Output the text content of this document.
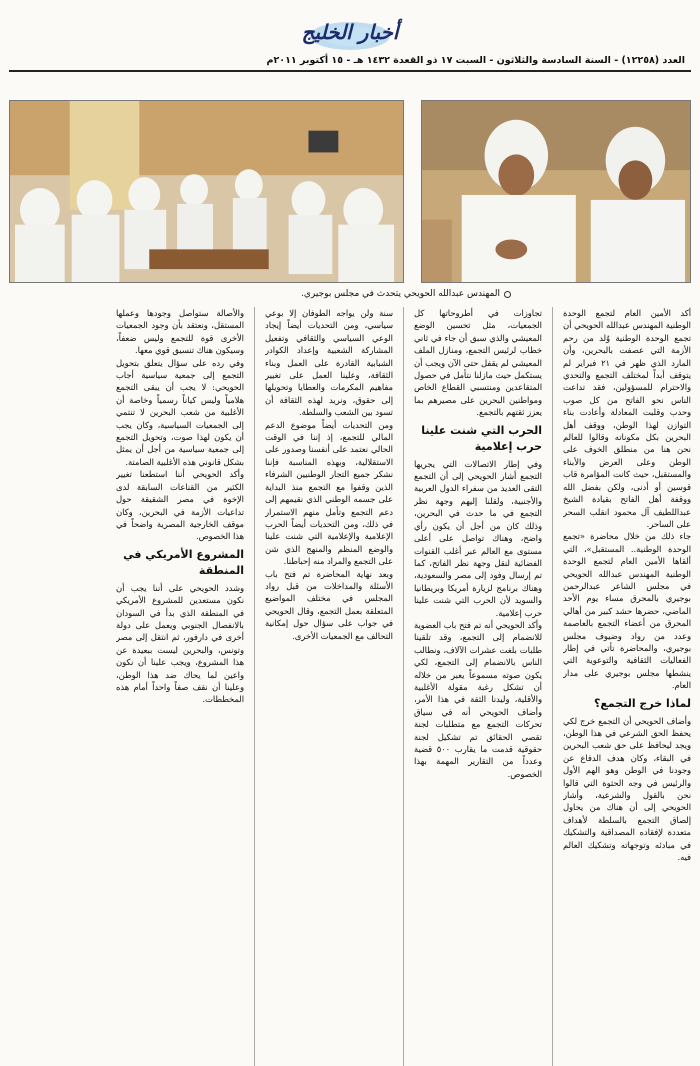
أخبار الخليج
العدد (١٢٢٥٨) - السنة السادسة والثلاثون - السبت ١٧ ذو القعدة ١٤٣٢ هـ - ١٥ أكتوبر ٢٠١١م
المهندس عبدالله الحويحي يتحدث في مجلس بوجيري.

أكد الأمين العام لتجمع الوحدة الوطنية المهندس عبدالله الحويحي أن تجمع الوحدة الوطنية وُلد من رحم الأزمة التي عصفت بالبحرين، وأن المارد الذي ظهر في ٢١ فبراير لم يتوقف أبداً لمختلف التجمع والتحدي والاحترام للمسؤولين، فقد تداعت الناس نحو الفاتح من كل صوب وحدب وقلبت المعادلة وأعادت بناء التوازن لهذا الوطن، ووقف أهل البحرين بكل مكوناته وقالوا للعالم نحن هنا من منطلق الخوف على الوطن وعلى العرض والأبناء والمستقبل، حيث كانت المؤامرة قاب قوسين أو أدنى، ولكن بفضل الله ووقفة أهل الفاتح بقيادة الشيخ عبداللطيف آل محمود انقلب السحر على الساحر.

جاء ذلك من خلال محاضرة «تجمع الوحدة الوطنية.. المستقبل»، التي ألقاها الأمين العام لتجمع الوحدة الوطنية المهندس عبدالله الحويحي في مجلس الشاعر عبدالرحمن بوجيري بالمحرق مساء يوم الأحد الماضي، حضرها حشد كبير من أهالي المحرق من أعضاء التجمع بالعاصمة وعدد من رواد وضيوف مجلس بوجيري، والمحاضرة تأتي في إطار الفعاليات الثقافية والتوعوية التي ينشطها مجلس بوجيري على مدار العام.

لماذا خرج التجمع؟

وأضاف الحويحي أن التجمع خرج لكي يحفظ الحق الشرعي في هذا الوطن، ويجد ليحافظ على حق شعب البحرين في البقاء، وكان هدف الدفاع عن وجودنا في الوطن وهو الهم الأول والرئيس في وجه الحثوة التي قالوا نحن بالقول والشرعية، وأشار الحويحي إلى أن هناك من يحاول إلصاق التجمع بالسلطة لأهداف متعددة لإفقاده المصداقية والتشكيك في مبادئه وتوجهاته وتشكيك العالم فيه.

تجاوزات في أطروحاتها كل الجمعيات، مثل تحسين الوضع المعيشي والذي سبق أن جاء في ثاني خطاب لرئيس التجمع، ومنازل الملف المعيشي لم يقفل حتى الآن ويجب أن يستكمل حيث مازلنا نتأمل في حصول المتقاعدين ومنتسبي القطاع الخاص ومواطنين البحرين على مصيرهم بما يعزز ثقتهم بالتجمع.

الحرب التي شنت علينا حرب إعلامية

وفي إطار الاتصالات التي يجريها التجمع أشار الحويحي إلى أن التجمع التقى العديد من سفراء الدول العربية والأجنبية، ولقلنا إليهم وجهة نظر التجمع في ما حدث في البحرين، وذلك كان من أجل أن يكون رأي واضح، وهناك تواصل على أعلى مستوى مع العالم عبر أغلب القنوات الفضائية لنقل وجهة نظر الفاتح، كما تم إرسال وفود إلى مصر والسعودية، وهناك برنامج لزيارة أمريكا وبريطانيا والسويد لأن الحرب التي شنت علينا حرب إعلامية.

وأكد الحويحي أنه تم فتح باب العضوية للانضمام إلى التجمع، وقد تلقينا طلبات بلغت عشرات الآلاف، ونطالب الناس بالانضمام إلى التجمع، لكي يكون صوته مسموعاً يعبر من خلاله أن تشكل رغبة مقولة الأغلبية والأقلية، وليدنا الثقة في هذا الأمر، وأضاف الحويحي أنه في سياق تحركات التجمع مع متطلبات لجنة تقصي الحقائق تم تشكيل لجنة حقوقية قدمت ما يقارب ٥٠٠ قضية وعدداً من التقارير المهمة بهذا الخصوص.

سنة ولن يواجه الطوفان إلا بوعي سياسي، ومن التحديات أيضاً إيجاد الوعي السياسي والثقافي وتفعيل المشاركة الشعبية وإعداد الكوادر الشبابية القادرة على العمل وبناء الثقافة، وعلينا العمل على تغيير مفاهيم المكرمات والعطايا وتحويلها إلى حقوق، ونريد لهذه الثقافة أن تسود بين الشعب والسلطة.

ومن التحديات أيضاً موضوع الدعم المالي للتجمع، إذ إننا في الوقت الحالي نعتمد على أنفسنا وصدور على الاستقلالية، وبهذه المناسبة فإننا نشكر جميع التجار الوطنيين الشرفاء الذين وقفوا مع التجمع منذ البداية على جسمه الوطني الذي نقيمهم إلى دعم التجمع وتأمل منهم الاستمرار في ذلك، ومن التحديات أيضاً الحرب الإعلامية والإعلامية التي شنت علينا والوضع المنظم والمنهج الذي شن على التجمع والمراد منه إحباطنا.

وبعد نهاية المحاضرة تم فتح باب الأسئلة والمداخلات من قبل رواد المجلس في مختلف المواضيع المتعلقة بعمل التجمع، وقال الحويحي في جواب على سؤال حول إمكانية التحالف مع الجمعيات الأخرى.

والأصالة ستواصل وجودها وعملها المستقل، ونعتقد بأن وجود الجمعيات الأخرى قوة للتجمع وليس ضعفاً، وسيكون هناك تنسيق قوي معها.

وفي رده على سؤال يتعلق بتحويل التجمع إلى جمعية سياسية أجاب الحويحي: لا يجب أن يبقى التجمع هلامياً وليس كياناً رسمياً وخاصة أن الأغلبية من شعب البحرين لا تنتمي إلى الجمعيات السياسية، وكان يجب أن يكون لهذا صوت، وتحويل التجمع إلى جمعية سياسية من أجل أن يمثل بشكل قانوني هذه الأغلبية الصامتة.

وأكد الحويحي أننا استطعنا تغيير الكثير من القناعات السابقة لدى الإخوة في مصر الشقيقة حول تداعيات الأزمة في البحرين، وكان موقف الخارجية المصرية واضحاً في هذا الخصوص.

المشروع الأمريكي في المنطقة

وشدد الحويحي على أننا يجب أن نكون مستعدين للمشروع الأمريكي في المنطقة الذي بدأ في السودان بالانفصال الجنوبي ويعمل على دولة أخرى في دارفور، ثم انتقل إلى مصر وتونس، والبحرين ليست ببعيدة عن هذا المشروع، ويجب علينا أن نكون واعين لما يحاك ضد هذا الوطن، وعلينا أن نقف صفاً واحداً أمام هذه المخططات.
